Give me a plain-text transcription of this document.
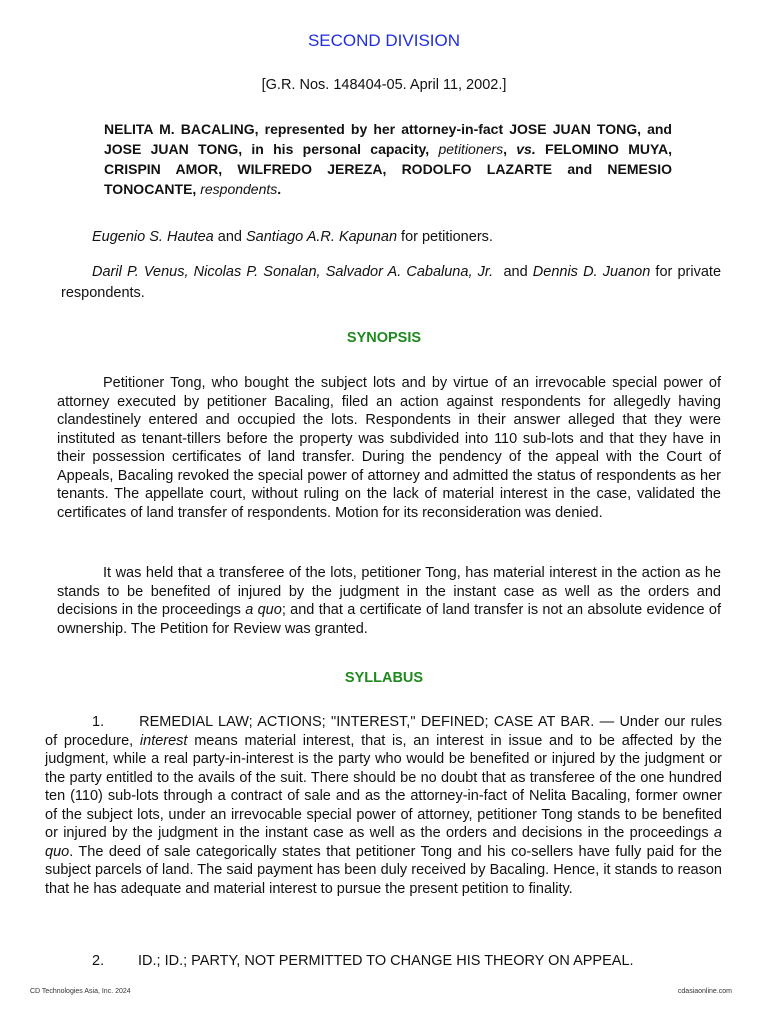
SECOND DIVISION
[G.R. Nos. 148404-05. April 11, 2002.]

NELITA M. BACALING, represented by her attorney-in-fact JOSE JUAN TONG, and JOSE JUAN TONG, in his personal capacity, petitioners, vs. FELOMINO MUYA, CRISPIN AMOR, WILFREDO JEREZA, RODOLFO LAZARTE and NEMESIO TONOCANTE, respondents.

Eugenio S. Hautea and Santiago A.R. Kapunan for petitioners.

Daril P. Venus, Nicolas P. Sonalan, Salvador A. Cabaluna, Jr.  and Dennis D. Juanon for private respondents.

SYNOPSIS

Petitioner Tong, who bought the subject lots and by virtue of an irrevocable special power of attorney executed by petitioner Bacaling, filed an action against respondents for allegedly having clandestinely entered and occupied the lots. Respondents in their answer alleged that they were instituted as tenant-tillers before the property was subdivided into 110 sub-lots and that they have in their possession certificates of land transfer. During the pendency of the appeal with the Court of Appeals, Bacaling revoked the special power of attorney and admitted the status of respondents as her tenants. The appellate court, without ruling on the lack of material interest in the case, validated the certificates of land transfer of respondents. Motion for its reconsideration was denied.

It was held that a transferee of the lots, petitioner Tong, has material interest in the action as he stands to be benefited of injured by the judgment in the instant case as well as the orders and decisions in the proceedings a quo; and that a certificate of land transfer is not an absolute evidence of ownership. The Petition for Review was granted.

SYLLABUS

1. REMEDIAL LAW; ACTIONS; "INTEREST," DEFINED; CASE AT BAR. — Under our rules of procedure, interest means material interest, that is, an interest in issue and to be affected by the judgment, while a real party-in-interest is the party who would be benefited or injured by the judgment or the party entitled to the avails of the suit. There should be no doubt that as transferee of the one hundred ten (110) sub-lots through a contract of sale and as the attorney-in-fact of Nelita Bacaling, former owner of the subject lots, under an irrevocable special power of attorney, petitioner Tong stands to be benefited or injured by the judgment in the instant case as well as the orders and decisions in the proceedings a quo. The deed of sale categorically states that petitioner Tong and his co-sellers have fully paid for the subject parcels of land. The said payment has been duly received by Bacaling. Hence, it stands to reason that he has adequate and material interest to pursue the present petition to finality.

2. ID.; ID.; PARTY, NOT PERMITTED TO CHANGE HIS THEORY ON APPEAL.

CD Technologies Asia, Inc. 2024	cdasiaonline.com
